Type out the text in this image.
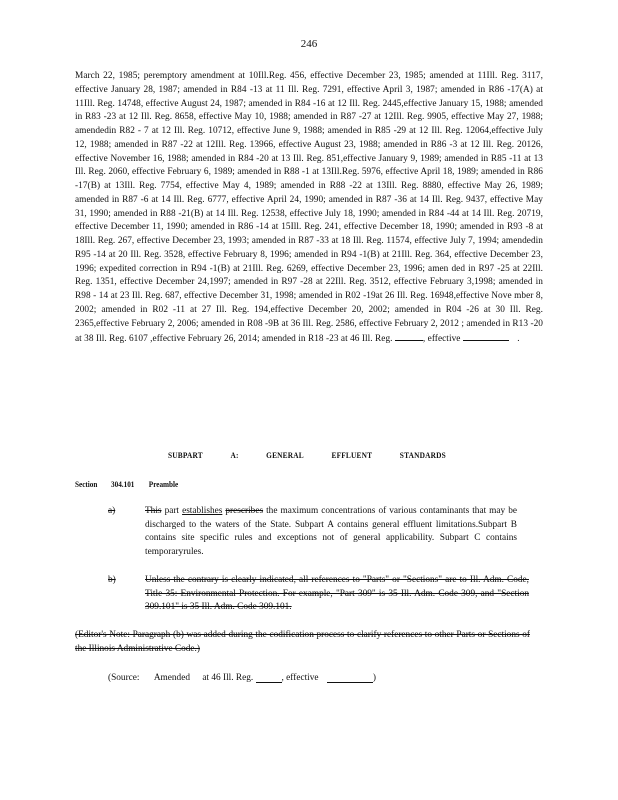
246

March 22, 1985; peremptory amendment at 10Ill.Reg. 456, effective December 23, 1985; amended at 11Ill. Reg. 3117, effective January 28, 1987; amended in R84 -13 at 11 Ill. Reg. 7291, effective April 3, 1987; amended in R86 -17(A) at 11Ill. Reg. 14748, effective August 24, 1987; amended in R84 -16 at 12 Ill. Reg. 2445,effective January 15, 1988; amended in R83 -23 at 12 Ill. Reg. 8658, effective May 10, 1988; amended in R87 -27 at 12Ill. Reg. 9905, effective May 27, 1988; amendedin R82 - 7 at 12 Ill. Reg. 10712, effective June 9, 1988; amended in R85 -29 at 12 Ill. Reg. 12064,effective July 12, 1988; amended in R87 -22 at 12Ill. Reg. 13966, effective August 23, 1988; amended in R86 -3 at 12 Ill. Reg. 20126, effective November 16, 1988; amended in R84 -20 at 13 Ill. Reg. 851,effective January 9, 1989; amended in R85 -11 at 13 Ill. Reg. 2060, effective February 6, 1989; amended in R88 -1 at 13Ill.Reg. 5976, effective April 18, 1989; amended in R86 -17(B) at 13Ill. Reg. 7754, effective May 4, 1989; amended in R88 -22 at 13Ill. Reg. 8880, effective May 26, 1989; amended in R87 -6 at 14 Ill. Reg. 6777, effective April 24, 1990; amended in R87 -36 at 14 Ill. Reg. 9437, effective May 31, 1990; amended in R88 -21(B) at 14 Ill. Reg. 12538, effective July 18, 1990; amended in R84 -44 at 14 Ill. Reg. 20719, effective December 11, 1990; amended in R86 -14 at 15Ill. Reg. 241, effective December 18, 1990; amended in R93 -8 at 18Ill. Reg. 267, effective December 23, 1993; amended in R87 -33 at 18 Ill. Reg. 11574, effective July 7, 1994; amendedin R95 -14 at 20 Ill. Reg. 3528, effective February 8, 1996; amended in R94 -1(B) at 21Ill. Reg. 364, effective December 23, 1996; expedited correction in R94 -1(B) at 21Ill. Reg. 6269, effective December 23, 1996; amen ded in R97 -25 at 22Ill. Reg. 1351, effective December 24,1997; amended in R97 -28 at 22Ill. Reg. 3512, effective February 3,1998; amended in R98 - 14 at 23 Ill. Reg. 687, effective December 31, 1998; amended in R02 -19at 26 Ill. Reg. 16948,effective Nove mber 8, 2002; amended in R02 -11 at 27 Ill. Reg. 194,effective December 20, 2002; amended in R04 -26 at 30 Ill. Reg. 2365,effective February 2, 2006; amended in R08 -9B at 36 Ill. Reg. 2586, effective February 2, 2012 ; amended in R13 -20 at 38 Ill. Reg. 6107 ,effective February 26, 2014; amended in R18 -23 at 46 Ill. Reg.	, effective	.

SUBPART	A:	GENERAL	EFFLUENT	STANDARDS
Section 304.101 Preamble
a)	This part establishes prescribes the maximum concentrations of various contaminants that may be discharged to the waters of the State. Subpart A contains general effluent limitations.Subpart B contains site specific rules and exceptions not of general applicability. Subpart C contains temporaryrules.

b)	Unless the contrary is clearly indicated, all references to "Parts" or "Sections" are to Ill. Adm. Code, Title 35: Environmental Protection. For example, "Part 309" is 35 Ill. Adm. Code 309, and "Section 309.101" is 35 Ill. Adm. Code 309.101.

(Editor's Note: Paragraph (b) was added during the codification process to clarify references to other Parts or Sections of the Illinois Administrative Code.)

(Source: Amended at 46 Ill. Reg.	, effective	)
